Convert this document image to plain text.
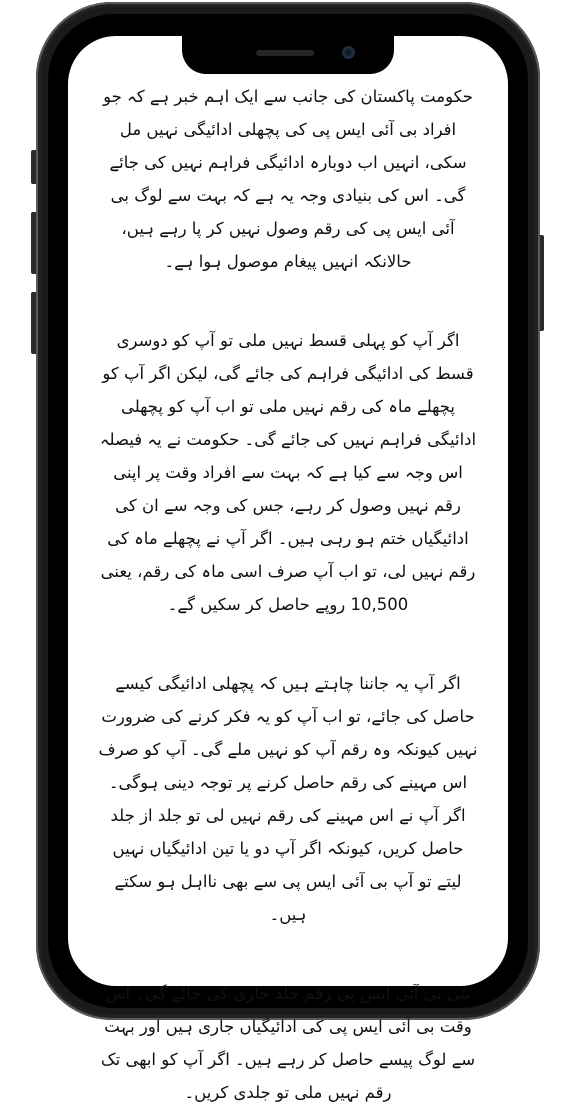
حکومت پاکستان کی جانب سے ایک اہم خبر ہے کہ جو افراد بی آئی ایس پی کی پچھلی ادائیگی نہیں مل سکی، انہیں اب دوبارہ ادائیگی فراہم نہیں کی جائے گی۔ اس کی بنیادی وجہ یہ ہے کہ بہت سے لوگ بی آئی ایس پی کی رقم وصول نہیں کر پا رہے ہیں، حالانکہ انہیں پیغام موصول ہوا ہے۔

اگر آپ کو پہلی قسط نہیں ملی تو آپ کو دوسری قسط کی ادائیگی فراہم کی جائے گی، لیکن اگر آپ کو پچھلے ماہ کی رقم نہیں ملی تو اب آپ کو پچھلی ادائیگی فراہم نہیں کی جائے گی۔ حکومت نے یہ فیصلہ اس وجہ سے کیا ہے کہ بہت سے افراد وقت پر اپنی رقم نہیں وصول کر رہے، جس کی وجہ سے ان کی ادائیگیاں ختم ہو رہی ہیں۔ اگر آپ نے پچھلے ماہ کی رقم نہیں لی، تو اب آپ صرف اسی ماہ کی رقم، یعنی 10,500 روپے حاصل کر سکیں گے۔

اگر آپ یہ جاننا چاہتے ہیں کہ پچھلی ادائیگی کیسے حاصل کی جائے، تو اب آپ کو یہ فکر کرنے کی ضرورت نہیں کیونکہ وہ رقم آپ کو نہیں ملے گی۔ آپ کو صرف اس مہینے کی رقم حاصل کرنے پر توجہ دینی ہوگی۔ اگر آپ نے اس مہینے کی رقم نہیں لی تو جلد از جلد حاصل کریں، کیونکہ اگر آپ دو یا تین ادائیگیاں نہیں لیتے تو آپ بی آئی ایس پی سے بھی نااہل ہو سکتے ہیں۔

نئی بی آئی ایس پی رقم جلد جاری کی جائے گی۔ اس وقت بی آئی ایس پی کی ادائیگیاں جاری ہیں اور بہت سے لوگ پیسے حاصل کر رہے ہیں۔ اگر آپ کو ابھی تک رقم نہیں ملی تو جلدی کریں۔
